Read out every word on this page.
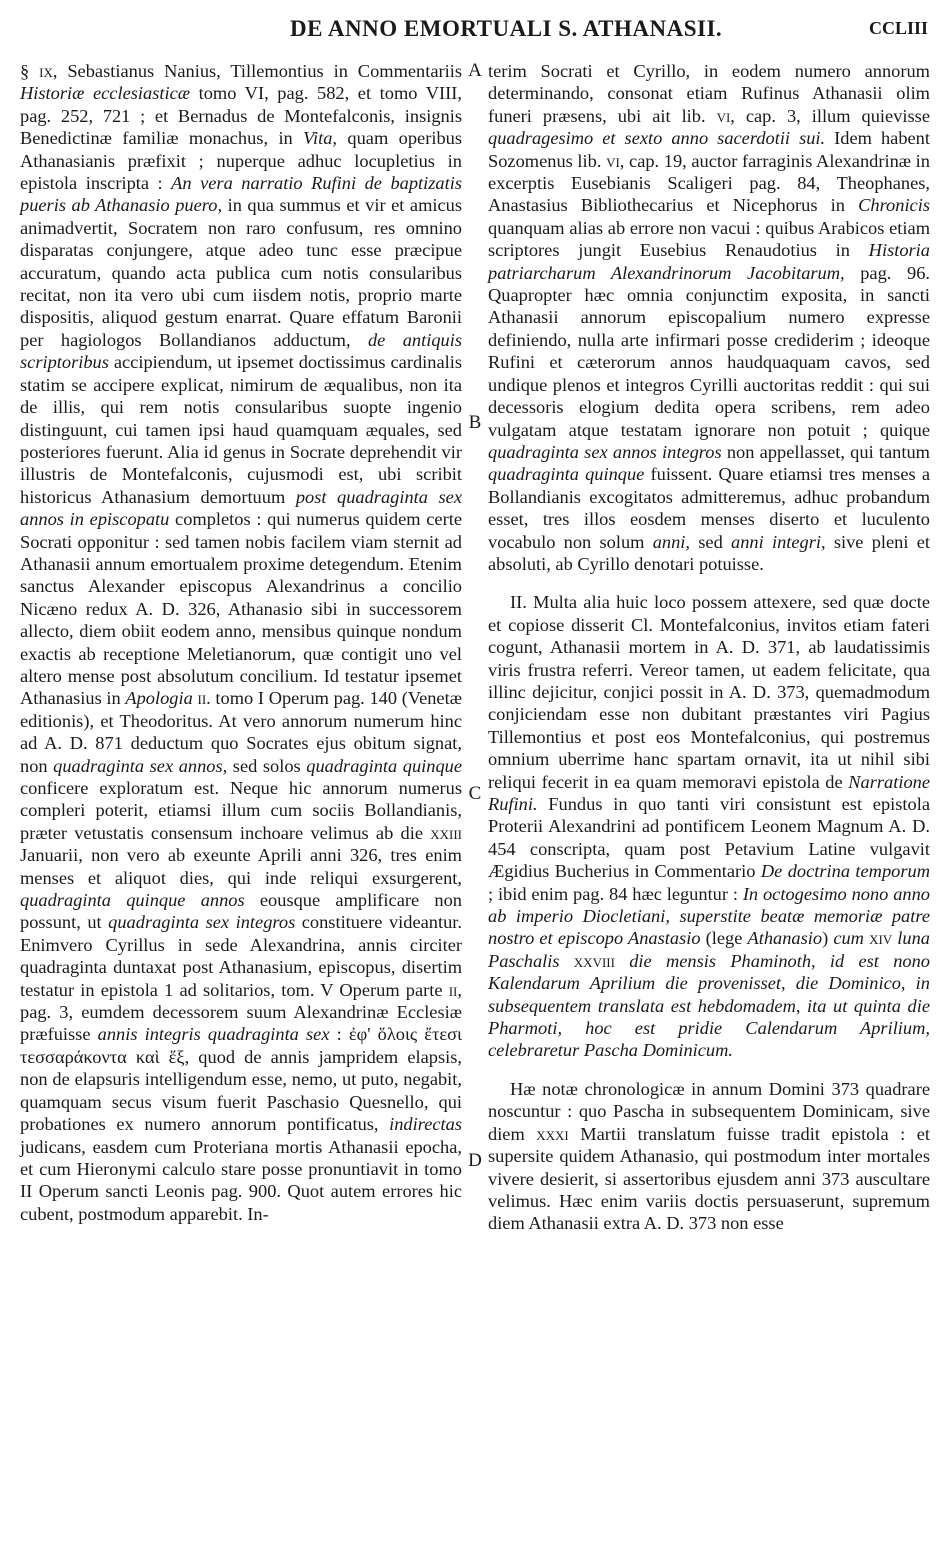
DE ANNO EMORTUALI S. ATHANASII.	CCLIII

§ ix, Sebastianus Nanius, Tillemontius in Commentariis Historiæ ecclesiasticæ tomo VI, pag. 582, et tomo VIII, pag. 252, 721 ; et Bernadus de Montefalconis, insignis Benedictinæ familiæ monachus, in Vita, quam operibus Athanasianis præfixit ; nuperque adhuc locupletius in epistola inscripta : An vera narratio Rufini de baptizatis pueris ab Athanasio puero, in qua summus et vir et amicus animadvertit, Socratem non raro confusum, res omnino disparatas conjungere, atque adeo tunc esse præcipue accuratum, quando acta publica cum notis consularibus recitat, non ita vero ubi cum iisdem notis, proprio marte dispositis, aliquod gestum enarrat. Quare effatum Baronii per hagiologos Bollandianos adductum, de antiquis scriptoribus accipiendum, ut ipsemet doctissimus cardinalis statim se accipere explicat, nimirum de æqualibus, non ita de illis, qui rem notis consularibus suopte ingenio distinguunt, cui tamen ipsi haud quamquam æquales, sed posteriores fuerunt. Alia id genus in Socrate deprehendit vir illustris de Montefalconis, cujusmodi est, ubi scribit historicus Athanasium demortuum post quadraginta sex annos in episcopatu completos : qui numerus quidem certe Socrati opponitur : sed tamen nobis facilem viam sternit ad Athanasii annum emortualem proxime detegendum. Etenim sanctus Alexander episcopus Alexandrinus a concilio Nicæno redux A. D. 326, Athanasio sibi in successorem allecto, diem obiit eodem anno, mensibus quinque nondum exactis ab receptione Meletianorum, quæ contigit uno vel altero mense post absolutum concilium. Id testatur ipsemet Athanasius in Apologia ii. tomo I Operum pag. 140 (Venetæ editionis), et Theodoritus. At vero annorum numerum hinc ad A. D. 871 deductum quo Socrates ejus obitum signat, non quadraginta sex annos, sed solos quadraginta quinque conficere exploratum est. Neque hic annorum numerus compleri poterit, etiamsi illum cum sociis Bollandianis, præter vetustatis consensum inchoare velimus ab die xxiii Januarii, non vero ab exeunte Aprili anni 326, tres enim menses et aliquot dies, qui inde reliqui exsurgerent, quadraginta quinque annos eousque amplificare non possunt, ut quadraginta sex integros constituere videantur. Enimvero Cyrillus in sede Alexandrina, annis circiter quadraginta duntaxat post Athanasium, episcopus, disertim testatur in epistola 1 ad solitarios, tom. V Operum parte ii, pag. 3, eumdem decessorem suum Alexandrinæ Ecclesiæ præfuisse annis integris quadraginta sex : ἐφ' ὅλοις ἔτεσι τεσσαράκοντα καὶ ἕξ, quod de annis jampridem elapsis, non de elapsuris intelligendum esse, nemo, ut puto, negabit, quamquam secus visum fuerit Paschasio Quesnello, qui probationes ex numero annorum pontificatus, indirectas judicans, easdem cum Proteriana mortis Athanasii epocha, et cum Hieronymi calculo stare posse pronuntiavit in tomo II Operum sancti Leonis pag. 900. Quot autem errores hic cubent, postmodum apparebit. In-

A
B
C
D

terim Socrati et Cyrillo, in eodem numero annorum determinando, consonat etiam Rufinus Athanasii olim funeri præsens, ubi ait lib. vi, cap. 3, illum quievisse quadragesimo et sexto anno sacerdotii sui. Idem habent Sozomenus lib. vi, cap. 19, auctor farraginis Alexandrinæ in excerptis Eusebianis Scaligeri pag. 84, Theophanes, Anastasius Bibliothecarius et Nicephorus in Chronicis quanquam alias ab errore non vacui : quibus Arabicos etiam scriptores jungit Eusebius Renaudotius in Historia patriarcharum Alexandrinorum Jacobitarum, pag. 96. Quapropter hæc omnia conjunctim exposita, in sancti Athanasii annorum episcopalium numero expresse definiendo, nulla arte infirmari posse crediderim ; ideoque Rufini et cæterorum annos haudquaquam cavos, sed undique plenos et integros Cyrilli auctoritas reddit : qui sui decessoris elogium dedita opera scribens, rem adeo vulgatam atque testatam ignorare non potuit ; quique quadraginta sex annos integros non appellasset, qui tantum quadraginta quinque fuissent. Quare etiamsi tres menses a Bollandianis excogitatos admitteremus, adhuc probandum esset, tres illos eosdem menses diserto et luculento vocabulo non solum anni, sed anni integri, sive pleni et absoluti, ab Cyrillo denotari potuisse.

II. Multa alia huic loco possem attexere, sed quæ docte et copiose disserit Cl. Montefalconius, invitos etiam fateri cogunt, Athanasii mortem in A. D. 371, ab laudatissimis viris frustra referri. Vereor tamen, ut eadem felicitate, qua illinc dejicitur, conjici possit in A. D. 373, quemadmodum conjiciendam esse non dubitant præstantes viri Pagius Tillemontius et post eos Montefalconius, qui postremus omnium uberrime hanc spartam ornavit, ita ut nihil sibi reliqui fecerit in ea quam memoravi epistola de Narratione Rufini. Fundus in quo tanti viri consistunt est epistola Proterii Alexandrini ad pontificem Leonem Magnum A. D. 454 conscripta, quam post Petavium Latine vulgavit Ægidius Bucherius in Commentario De doctrina temporum ; ibid enim pag. 84 hæc leguntur : In octogesimo nono anno ab imperio Diocletiani, superstite beatæ memoriæ patre nostro et episcopo Anastasio (lege Athanasio) cum xiv luna Paschalis xxviii die mensis Phaminoth, id est nono Kalendarum Aprilium die provenisset, die Dominico, in subsequentem translata est hebdomadem, ita ut quinta die Pharmoti, hoc est pridie Calendarum Aprilium, celebraretur Pascha Dominicum.

Hæ notæ chronologicæ in annum Domini 373 quadrare noscuntur : quo Pascha in subsequentem Dominicam, sive diem xxxi Martii translatum fuisse tradit epistola : et supersite quidem Athanasio, qui postmodum inter mortales vivere desierit, si assertoribus ejusdem anni 373 auscultare velimus. Hæc enim variis doctis persuaserunt, supremum diem Athanasii extra A. D. 373 non esse
